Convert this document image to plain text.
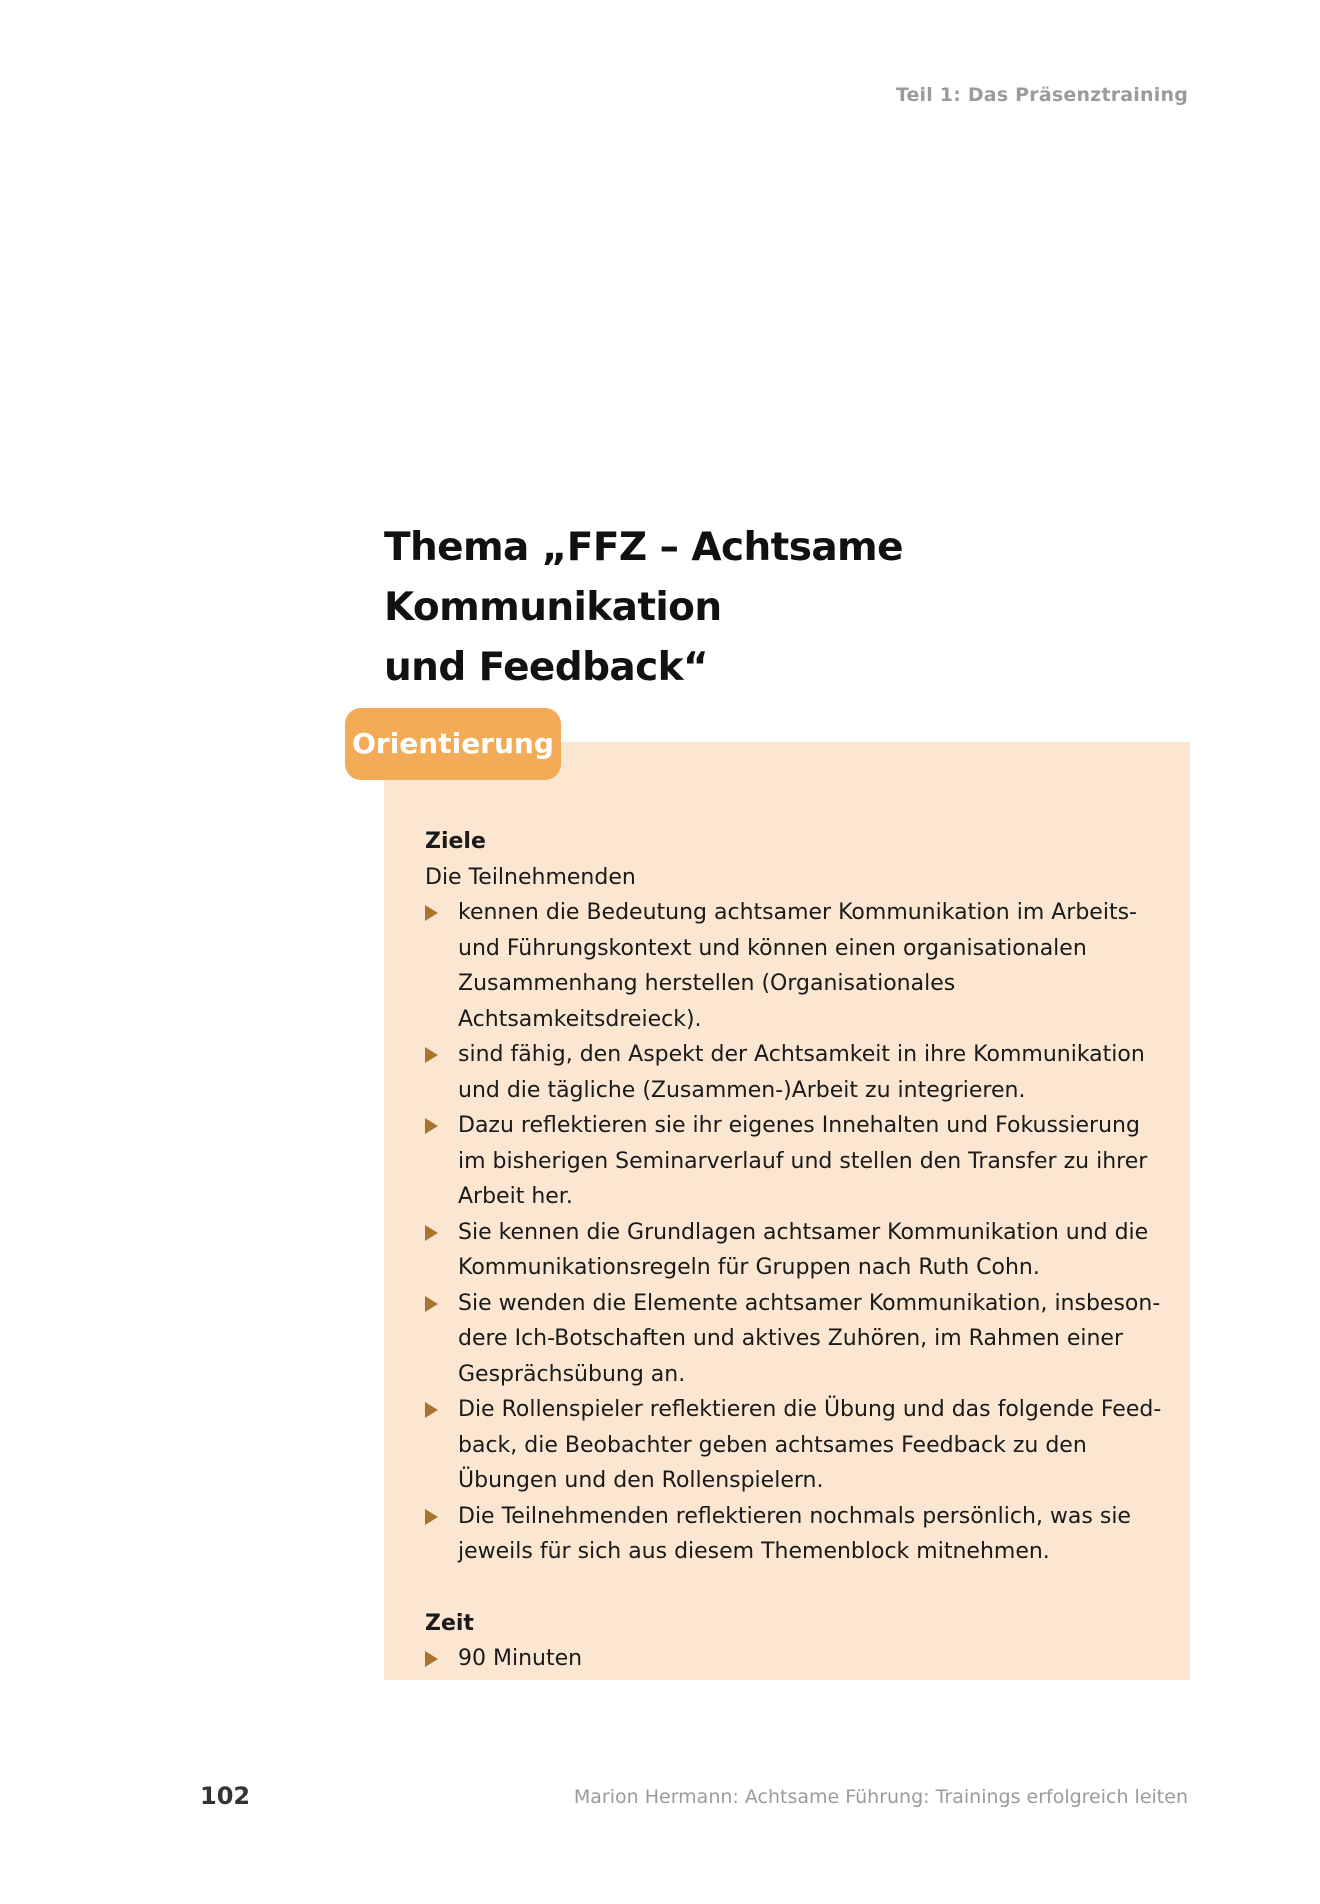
Teil 1: Das Präsenztraining
Thema „FFZ – Achtsame Kommunikation
und Feedback“
Orientierung

Ziele

Die Teilnehmenden

kennen die Bedeutung achtsamer Kommunikation im Arbeits- und Führungskontext und können einen organisationalen Zusammenhang herstellen (Organisationales Achtsamkeitsdreieck).
sind fähig, den Aspekt der Achtsamkeit in ihre Kommunikation und die tägliche (Zusammen-)Arbeit zu integrieren.
Dazu reflektieren sie ihr eigenes Innehalten und Fokussierung im bisherigen Seminarverlauf und stellen den Transfer zu ihrer Arbeit her.
Sie kennen die Grundlagen achtsamer Kommunikation und die Kommunikationsregeln für Gruppen nach Ruth Cohn.
Sie wenden die Elemente achtsamer Kommunikation, insbesondere Ich-Botschaften und aktives Zuhören, im Rahmen einer Gesprächsübung an.
Die Rollenspieler reflektieren die Übung und das folgende Feedback, die Beobachter geben achtsames Feedback zu den Übungen und den Rollenspielern.
Die Teilnehmenden reflektieren nochmals persönlich, was sie jeweils für sich aus diesem Themenblock mitnehmen.

Zeit

90 Minuten
102	Marion Hermann: Achtsame Führung: Trainings erfolgreich leiten
